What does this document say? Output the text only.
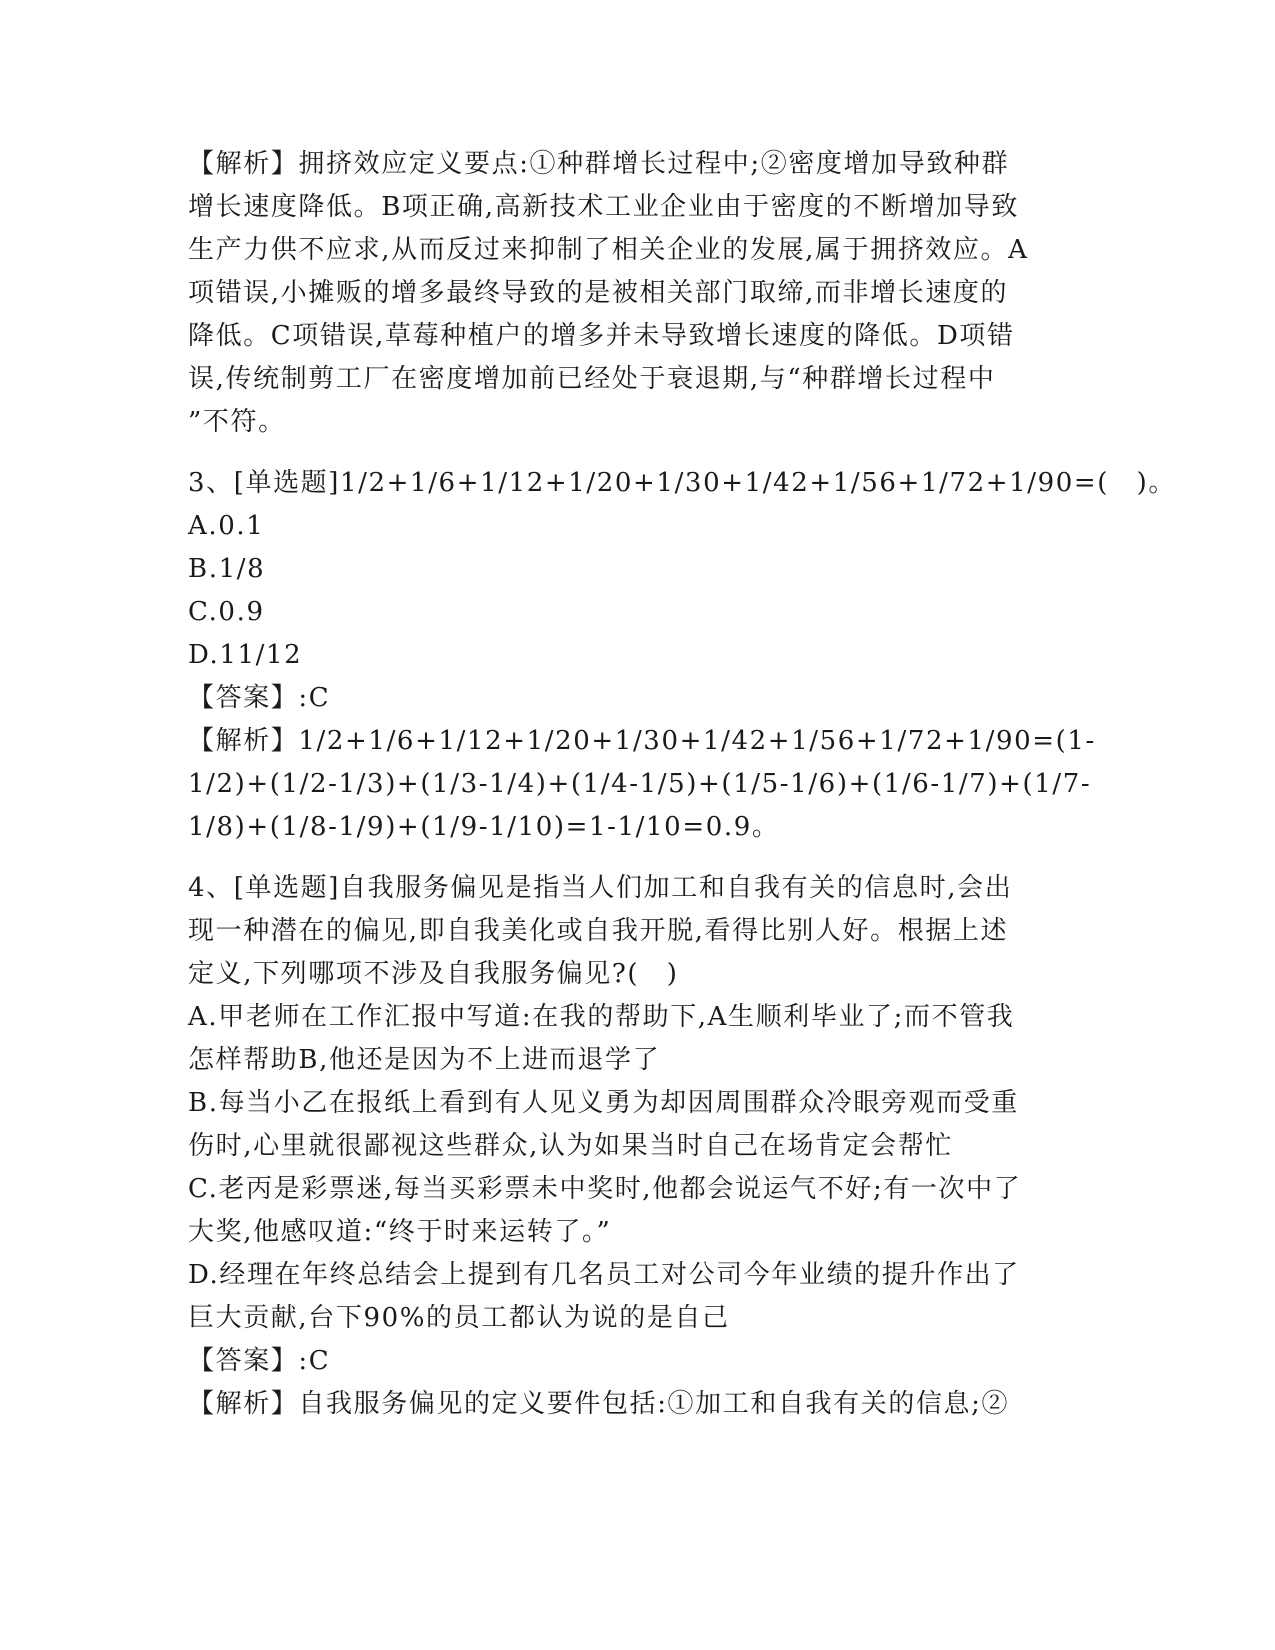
【解析】拥挤效应定义要点:①种群增长过程中;②密度增加导致种群
增长速度降低。B项正确,高新技术工业企业由于密度的不断增加导致
生产力供不应求,从而反过来抑制了相关企业的发展,属于拥挤效应。A
项错误,小摊贩的增多最终导致的是被相关部门取缔,而非增长速度的
降低。C项错误,草莓种植户的增多并未导致增长速度的降低。D项错
误,传统制剪工厂在密度增加前已经处于衰退期,与“种群增长过程中
”不符。
3、[单选题]1/2+1/6+1/12+1/20+1/30+1/42+1/56+1/72+1/90=(　)。
A.0.1
B.1/8
C.0.9
D.11/12
【答案】:C
【解析】1/2+1/6+1/12+1/20+1/30+1/42+1/56+1/72+1/90=(1-
1/2)+(1/2-1/3)+(1/3-1/4)+(1/4-1/5)+(1/5-1/6)+(1/6-1/7)+(1/7-
1/8)+(1/8-1/9)+(1/9-1/10)=1-1/10=0.9。
4、[单选题]自我服务偏见是指当人们加工和自我有关的信息时,会出
现一种潜在的偏见,即自我美化或自我开脱,看得比别人好。根据上述
定义,下列哪项不涉及自我服务偏见?(　)
A.甲老师在工作汇报中写道:在我的帮助下,A生顺利毕业了;而不管我
怎样帮助B,他还是因为不上进而退学了
B.每当小乙在报纸上看到有人见义勇为却因周围群众冷眼旁观而受重
伤时,心里就很鄙视这些群众,认为如果当时自己在场肯定会帮忙
C.老丙是彩票迷,每当买彩票未中奖时,他都会说运气不好;有一次中了
大奖,他感叹道:“终于时来运转了。”
D.经理在年终总结会上提到有几名员工对公司今年业绩的提升作出了
巨大贡献,台下90%的员工都认为说的是自己
【答案】:C
【解析】自我服务偏见的定义要件包括:①加工和自我有关的信息;②
